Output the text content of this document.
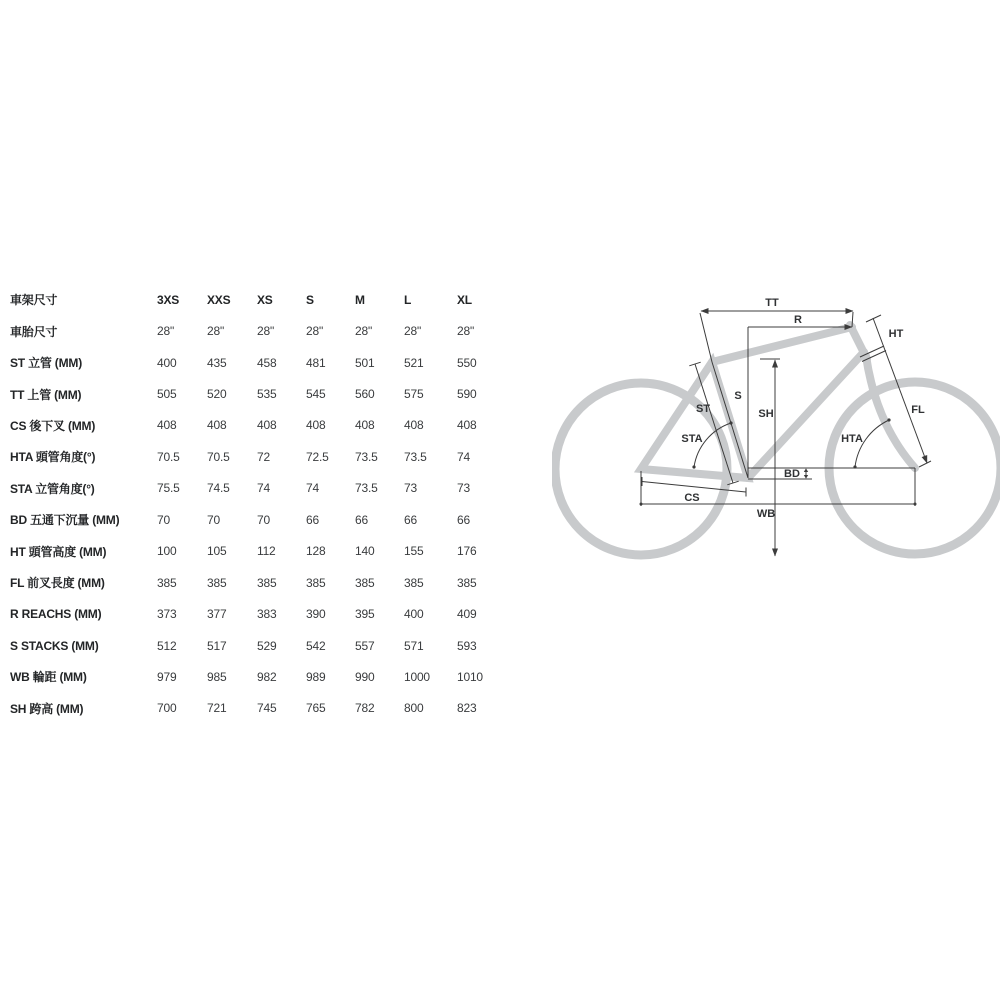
車架尺寸	3XS	XXS	XS	S	M	L	XL
車胎尺寸	28"	28"	28"	28"	28"	28"	28"
ST 立管 (MM)	400	435	458	481	501	521	550
TT 上管 (MM)	505	520	535	545	560	575	590
CS 後下叉 (MM)	408	408	408	408	408	408	408
HTA 頭管角度(°)	70.5	70.5	72	72.5	73.5	73.5	74
STA 立管角度(°)	75.5	74.5	74	74	73.5	73	73
BD 五通下沉量 (MM)	70	70	70	66	66	66	66
HT 頭管高度 (MM)	100	105	112	128	140	155	176
FL 前叉長度 (MM)	385	385	385	385	385	385	385
R REACHS (MM)	373	377	383	390	395	400	409
S STACKS (MM)	512	517	529	542	557	571	593
WB 輪距 (MM)	979	985	982	989	990	1000	1010
SH 跨高 (MM)	700	721	745	765	782	800	823
TT
R
HT
ST
S
SH
STA	HTA
FL
BD
CS
WB
